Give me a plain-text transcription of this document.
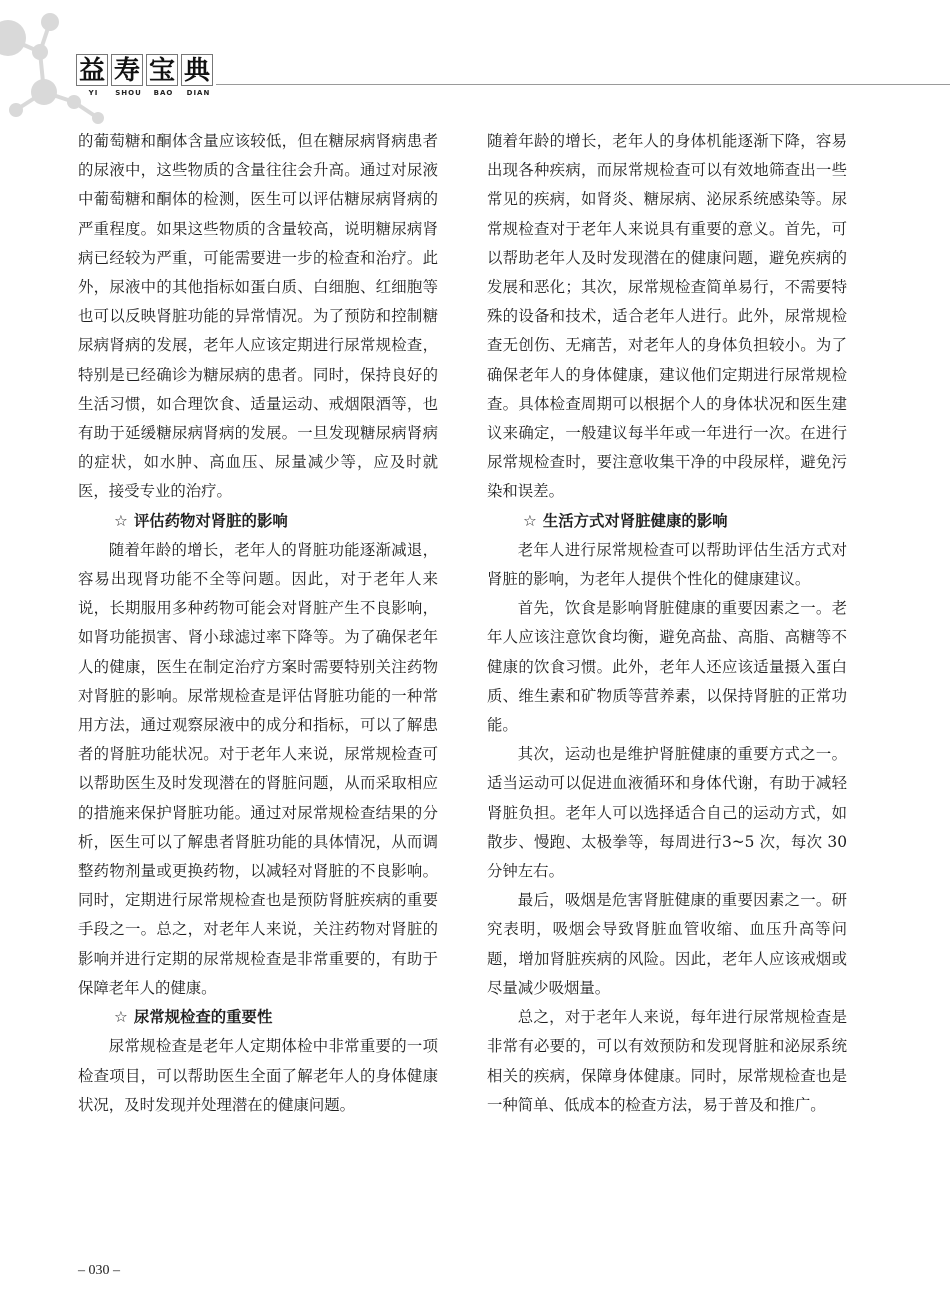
益 寿 宝 典
YI	SHOU	BAO	DIAN

的葡萄糖和酮体含量应该较低，但在糖尿病肾病患者的尿液中，这些物质的含量往往会升高。通过对尿液中葡萄糖和酮体的检测，医生可以评估糖尿病肾病的严重程度。如果这些物质的含量较高，说明糖尿病肾病已经较为严重，可能需要进一步的检查和治疗。此外，尿液中的其他指标如蛋白质、白细胞、红细胞等也可以反映肾脏功能的异常情况。为了预防和控制糖尿病肾病的发展，老年人应该定期进行尿常规检查，特别是已经确诊为糖尿病的患者。同时，保持良好的生活习惯，如合理饮食、适量运动、戒烟限酒等，也有助于延缓糖尿病肾病的发展。一旦发现糖尿病肾病的症状，如水肿、高血压、尿量减少等，应及时就医，接受专业的治疗。

☆ 评估药物对肾脏的影响

随着年龄的增长，老年人的肾脏功能逐渐减退，容易出现肾功能不全等问题。因此，对于老年人来说，长期服用多种药物可能会对肾脏产生不良影响，如肾功能损害、肾小球滤过率下降等。为了确保老年人的健康，医生在制定治疗方案时需要特别关注药物对肾脏的影响。尿常规检查是评估肾脏功能的一种常用方法，通过观察尿液中的成分和指标，可以了解患者的肾脏功能状况。对于老年人来说，尿常规检查可以帮助医生及时发现潜在的肾脏问题，从而采取相应的措施来保护肾脏功能。通过对尿常规检查结果的分析，医生可以了解患者肾脏功能的具体情况，从而调整药物剂量或更换药物，以减轻对肾脏的不良影响。同时，定期进行尿常规检查也是预防肾脏疾病的重要手段之一。总之，对老年人来说，关注药物对肾脏的影响并进行定期的尿常规检查是非常重要的，有助于保障老年人的健康。

☆ 尿常规检查的重要性

尿常规检查是老年人定期体检中非常重要的一项检查项目，可以帮助医生全面了解老年人的身体健康状况，及时发现并处理潜在的健康问题。

随着年龄的增长，老年人的身体机能逐渐下降，容易出现各种疾病，而尿常规检查可以有效地筛查出一些常见的疾病，如肾炎、糖尿病、泌尿系统感染等。尿常规检查对于老年人来说具有重要的意义。首先，可以帮助老年人及时发现潜在的健康问题，避免疾病的发展和恶化；其次，尿常规检查简单易行，不需要特殊的设备和技术，适合老年人进行。此外，尿常规检查无创伤、无痛苦，对老年人的身体负担较小。为了确保老年人的身体健康，建议他们定期进行尿常规检查。具体检查周期可以根据个人的身体状况和医生建议来确定，一般建议每半年或一年进行一次。在进行尿常规检查时，要注意收集干净的中段尿样，避免污染和误差。

☆ 生活方式对肾脏健康的影响

老年人进行尿常规检查可以帮助评估生活方式对肾脏的影响，为老年人提供个性化的健康建议。

首先，饮食是影响肾脏健康的重要因素之一。老年人应该注意饮食均衡，避免高盐、高脂、高糖等不健康的饮食习惯。此外，老年人还应该适量摄入蛋白质、维生素和矿物质等营养素，以保持肾脏的正常功能。

其次，运动也是维护肾脏健康的重要方式之一。适当运动可以促进血液循环和身体代谢，有助于减轻肾脏负担。老年人可以选择适合自己的运动方式，如散步、慢跑、太极拳等，每周进行3~5 次，每次 30 分钟左右。

最后，吸烟是危害肾脏健康的重要因素之一。研究表明，吸烟会导致肾脏血管收缩、血压升高等问题，增加肾脏疾病的风险。因此，老年人应该戒烟或尽量减少吸烟量。

总之，对于老年人来说，每年进行尿常规检查是非常有必要的，可以有效预防和发现肾脏和泌尿系统相关的疾病，保障身体健康。同时，尿常规检查也是一种简单、低成本的检查方法，易于普及和推广。

– 030 –
